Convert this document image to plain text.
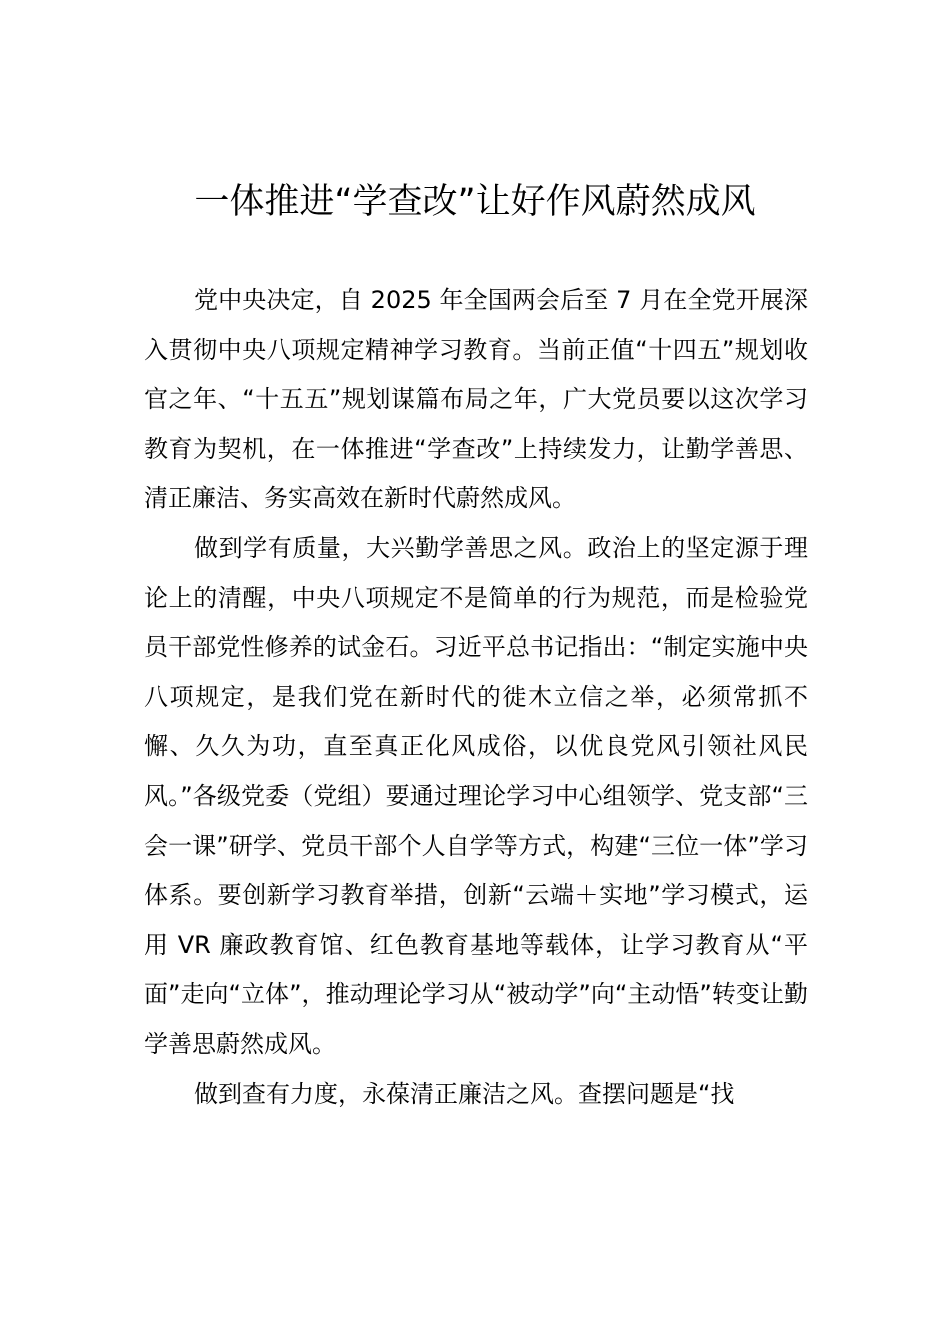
一体推进“学查改”让好作风蔚然成风

党中央决定，自 2025 年全国两会后至 7 月在全党开展深入贯彻中央八项规定精神学习教育。当前正值“十四五”规划收官之年、“十五五”规划谋篇布局之年，广大党员要以这次学习教育为契机，在一体推进“学查改”上持续发力，让勤学善思、清正廉洁、务实高效在新时代蔚然成风。

做到学有质量，大兴勤学善思之风。政治上的坚定源于理论上的清醒，中央八项规定不是简单的行为规范，而是检验党员干部党性修养的试金石。习近平总书记指出：“制定实施中央八项规定，是我们党在新时代的徙木立信之举，必须常抓不懈、久久为功，直至真正化风成俗，以优良党风引领社风民风。”各级党委（党组）要通过理论学习中心组领学、党支部“三会一课”研学、党员干部个人自学等方式，构建“三位一体”学习体系。要创新学习教育举措，创新“云端＋实地”学习模式，运用 VR 廉政教育馆、红色教育基地等载体，让学习教育从“平面”走向“立体”，推动理论学习从“被动学”向“主动悟”转变让勤学善思蔚然成风。

做到查有力度，永葆清正廉洁之风。查摆问题是“找
